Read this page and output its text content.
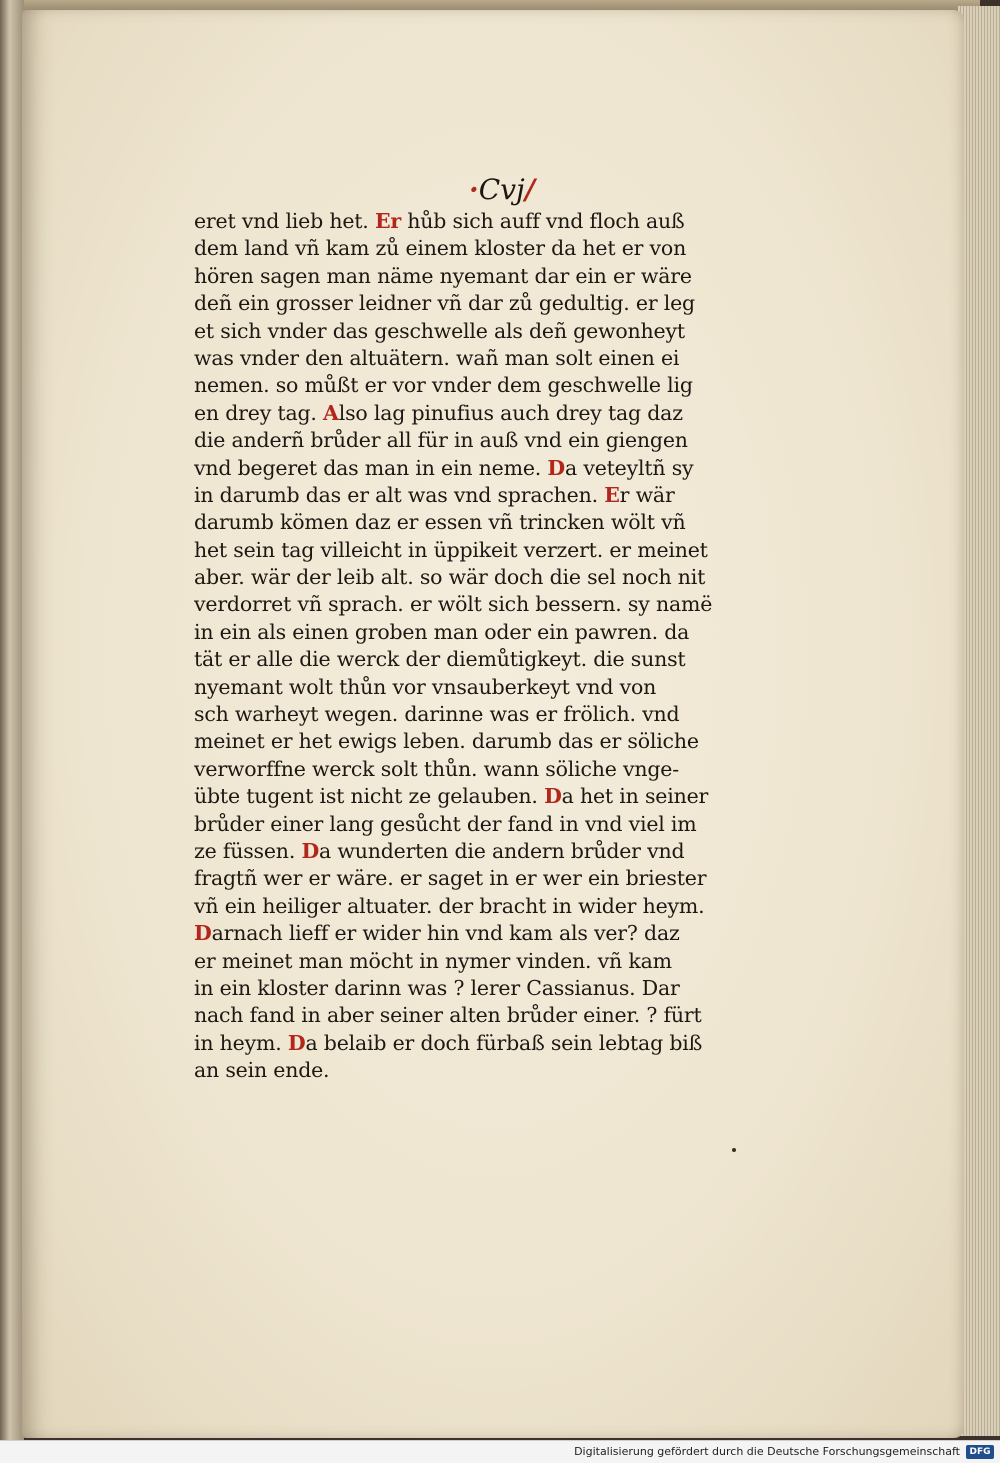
·Cvj/
eret vnd lieb het. Er hůb sich auff vnd floch auß
dem land vñ kam zů einem kloster da het er von
hören sagen man näme nyemant dar ein er wäre
deñ ein grosser leidner vñ dar zů gedultig. er leg
et sich vnder das geschwelle als deñ gewonheyt
was vnder den altuätern. wañ man solt einen ei
nemen. so můßt er vor vnder dem geschwelle lig
en drey tag. Also lag pinufius auch drey tag daz
die anderñ brůder all für in auß vnd ein giengen
vnd begeret das man in ein neme. Da veteyltñ sy
in darumb das er alt was vnd sprachen. Er wär
darumb kömen daz er essen vñ trincken wölt vñ
het sein tag villeicht in üppikeit verzert. er meinet
aber. wär der leib alt. so wär doch die sel noch nit
verdorret vñ sprach. er wölt sich bessern. sy namë
in ein als einen groben man oder ein pawren. da
tät er alle die werck der diemůtigkeyt. die sunst
nyemant wolt thůn vor vnsauberkeyt vnd von
sch warheyt wegen. darinne was er frölich. vnd
meinet er het ewigs leben. darumb das er söliche
verworffne werck solt thůn. wann söliche vnge-
übte tugent ist nicht ze gelauben. Da het in seiner
brůder einer lang gesůcht der fand in vnd viel im
ze füssen. Da wunderten die andern brůder vnd
fragtñ wer er wäre. er saget in er wer ein briester
vñ ein heiliger altuater. der bracht in wider heym.
Darnach lieff er wider hin vnd kam als ver? daz
er meinet man möcht in nymer vinden. vñ kam
in ein kloster darinn was ? lerer Cassianus. Dar
nach fand in aber seiner alten brůder einer. ? fürt
in heym. Da belaib er doch fürbaß sein lebtag biß
an sein ende.
Digitalisierung gefördert durch die Deutsche Forschungsgemeinschaft	DFG
